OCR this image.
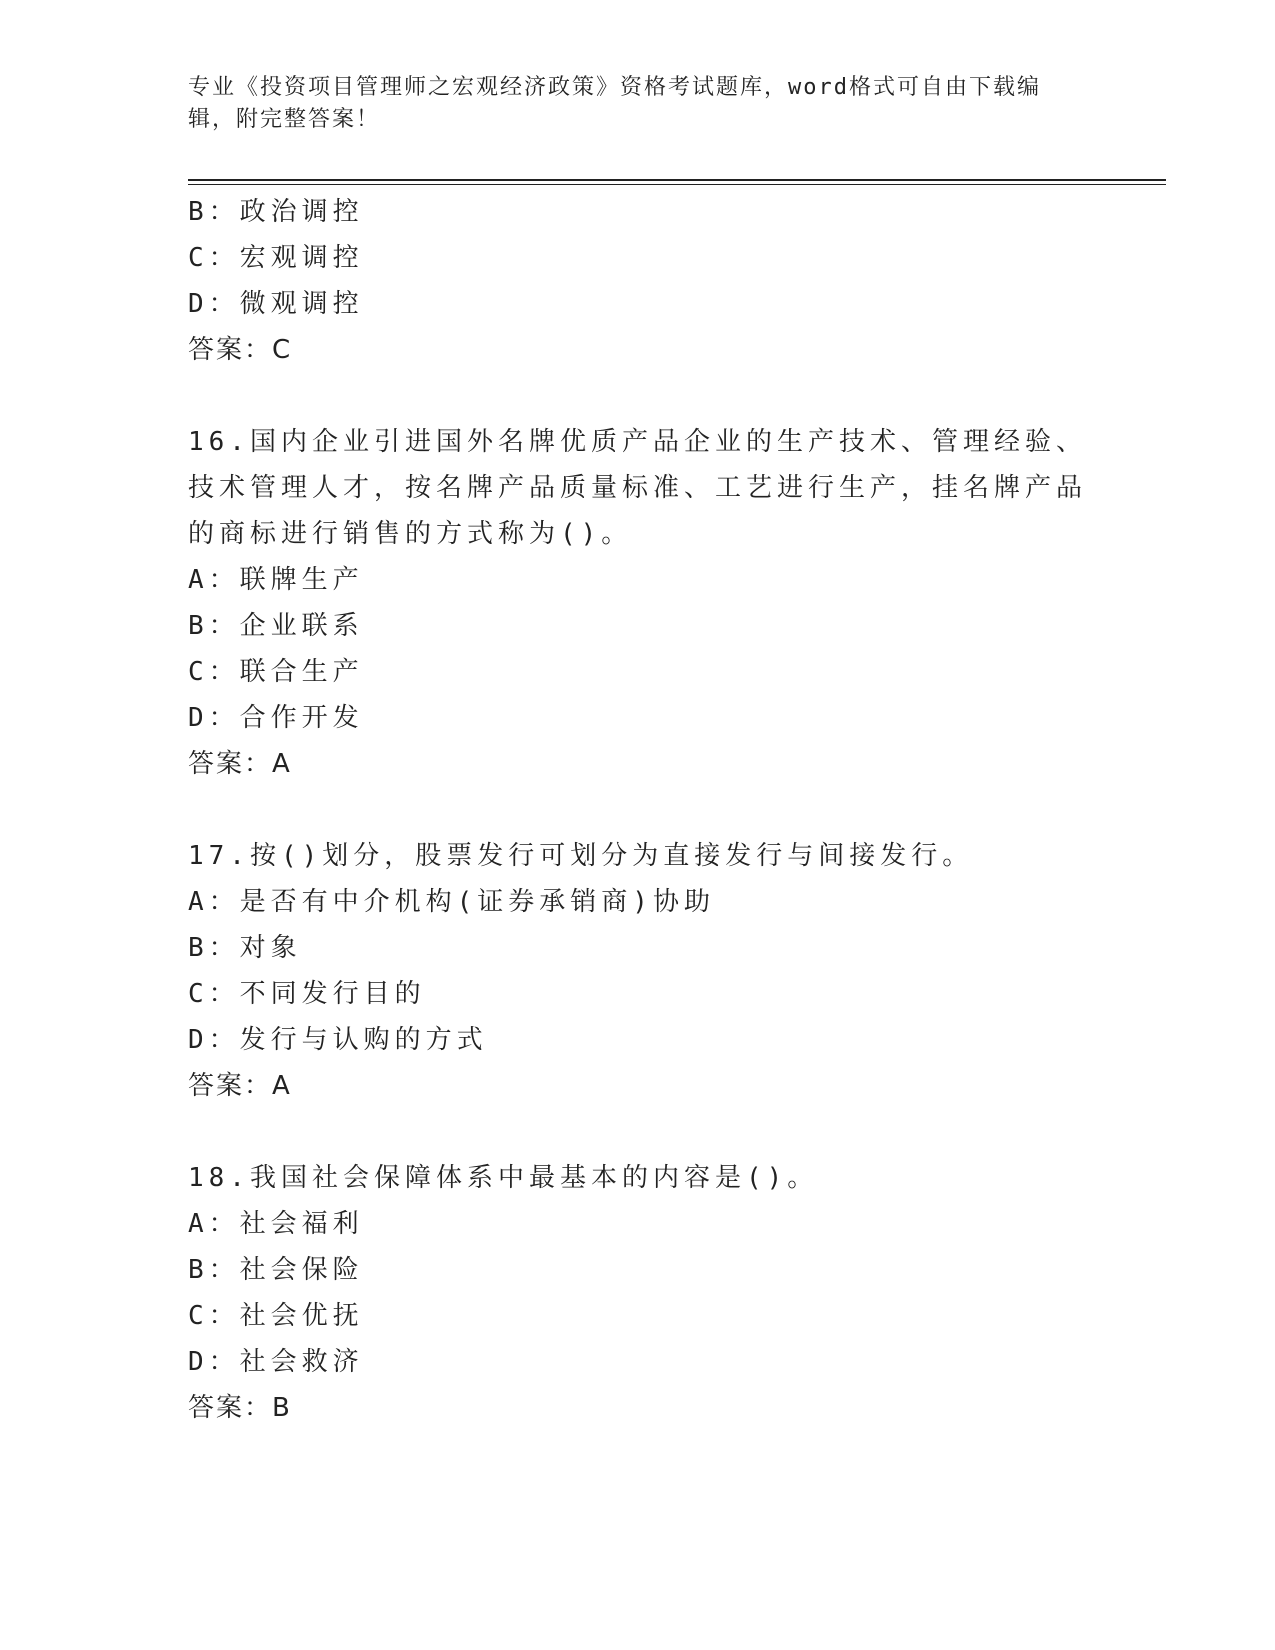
专业《投资项目管理师之宏观经济政策》资格考试题库，word格式可自由下载编辑，附完整答案！
B：政治调控
C：宏观调控
D：微观调控
答案：C
16.国内企业引进国外名牌优质产品企业的生产技术、管理经验、技术管理人才，按名牌产品质量标准、工艺进行生产，挂名牌产品的商标进行销售的方式称为()。
A：联牌生产
B：企业联系
C：联合生产
D：合作开发
答案：A
17.按()划分，股票发行可划分为直接发行与间接发行。
A：是否有中介机构(证券承销商)协助
B：对象
C：不同发行目的
D：发行与认购的方式
答案：A
18.我国社会保障体系中最基本的内容是()。
A：社会福利
B：社会保险
C：社会优抚
D：社会救济
答案：B
